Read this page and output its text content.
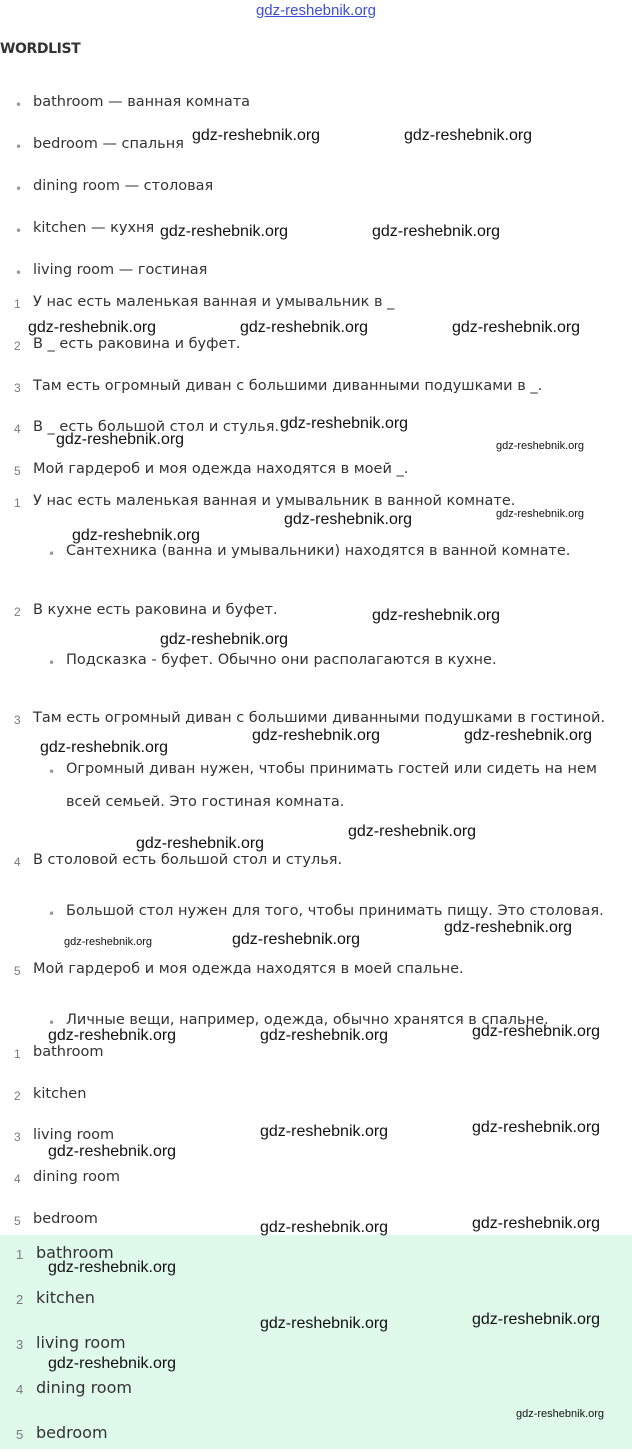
gdz-reshebnik.org
WORDLIST
• bathroom — ванная комната
• bedroom — спальня
• dining room — столовая
• kitchen — кухня
• living room — гостиная
1 У нас есть маленькая ванная и умывальник в _
2 В _ есть раковина и буфет.
3 Там есть огромный диван с большими диванными подушками в _.
4 В _ есть большой стол и стулья.
5 Мой гардероб и моя одежда находятся в моей _.
1 У нас есть маленькая ванная и умывальник в ванной комнате.
• Сантехника (ванна и умывальники) находятся в ванной комнате.
2 В кухне есть раковина и буфет.
• Подсказка - буфет. Обычно они располагаются в кухне.
3 Там есть огромный диван с большими диванными подушками в гостиной.
• Огромный диван нужен, чтобы принимать гостей или сидеть на нем всей семьей. Это гостиная комната.
4 В столовой есть большой стол и стулья.
• Большой стол нужен для того, чтобы принимать пищу. Это столовая.
5 Мой гардероб и моя одежда находятся в моей спальне.
• Личные вещи, например, одежда, обычно хранятся в спальне.
1 bathroom
2 kitchen
3 living room
4 dining room
5 bedroom
1 bathroom
2 kitchen
3 living room
4 dining room
5 bedroom
gdz-reshebnik.org	gdz-reshebnik.org
gdz-reshebnik.org	gdz-reshebnik.org
gdz-reshebnik.org	gdz-reshebnik.org	gdz-reshebnik.org
gdz-reshebnik.org
gdz-reshebnik.org	gdz-reshebnik.org
gdz-reshebnik.org	gdz-reshebnik.org
gdz-reshebnik.org
gdz-reshebnik.org
gdz-reshebnik.org
gdz-reshebnik.org	gdz-reshebnik.org
gdz-reshebnik.org
gdz-reshebnik.org
gdz-reshebnik.org
gdz-reshebnik.org
gdz-reshebnik.org
gdz-reshebnik.org
gdz-reshebnik.org	gdz-reshebnik.org	gdz-reshebnik.org
gdz-reshebnik.org	gdz-reshebnik.org
gdz-reshebnik.org
gdz-reshebnik.org	gdz-reshebnik.org
gdz-reshebnik.org
gdz-reshebnik.org	gdz-reshebnik.org
gdz-reshebnik.org
gdz-reshebnik.org
